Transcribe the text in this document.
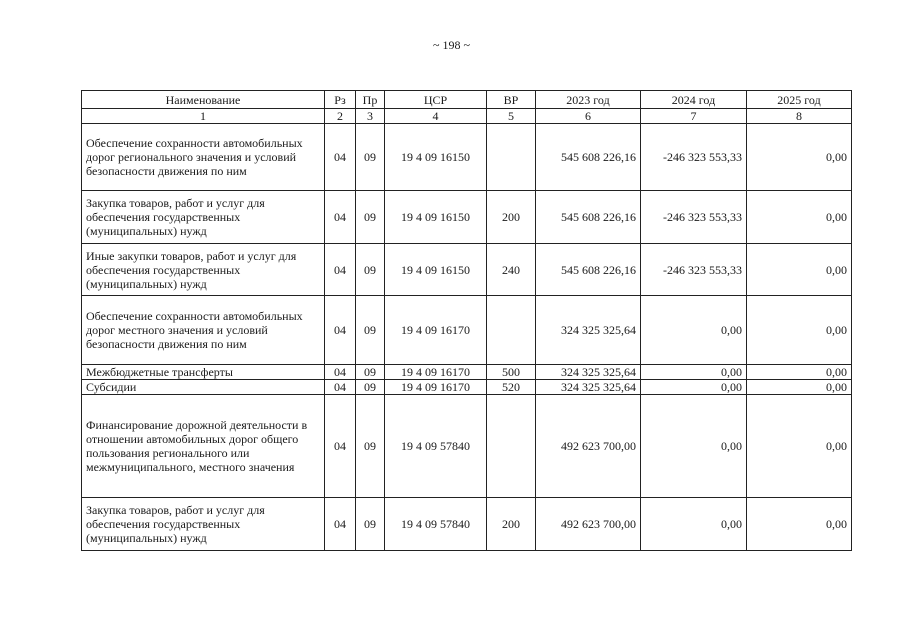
~ 198 ~
Наименование	Рз	Пр	ЦСР	ВР	2023 год	2024 год	2025 год
1	2	3	4	5	6	7	8
Обеспечение сохранности автомобильных дорог регионального значения и условий безопасности движения по ним	04	09	19 4 09 16150		545 608 226,16	-246 323 553,33	0,00
Закупка товаров, работ и услуг для обеспечения государственных (муниципальных) нужд	04	09	19 4 09 16150	200	545 608 226,16	-246 323 553,33	0,00
Иные закупки товаров, работ и услуг для обеспечения государственных (муниципальных) нужд	04	09	19 4 09 16150	240	545 608 226,16	-246 323 553,33	0,00
Обеспечение сохранности автомобильных дорог местного значения и условий безопасности движения по ним	04	09	19 4 09 16170		324 325 325,64	0,00	0,00
Межбюджетные трансферты	04	09	19 4 09 16170	500	324 325 325,64	0,00	0,00
Субсидии	04	09	19 4 09 16170	520	324 325 325,64	0,00	0,00
Финансирование дорожной деятельности в отношении автомобильных дорог общего пользования регионального или межмуниципального, местного значения	04	09	19 4 09 57840		492 623 700,00	0,00	0,00
Закупка товаров, работ и услуг для обеспечения государственных (муниципальных) нужд	04	09	19 4 09 57840	200	492 623 700,00	0,00	0,00
